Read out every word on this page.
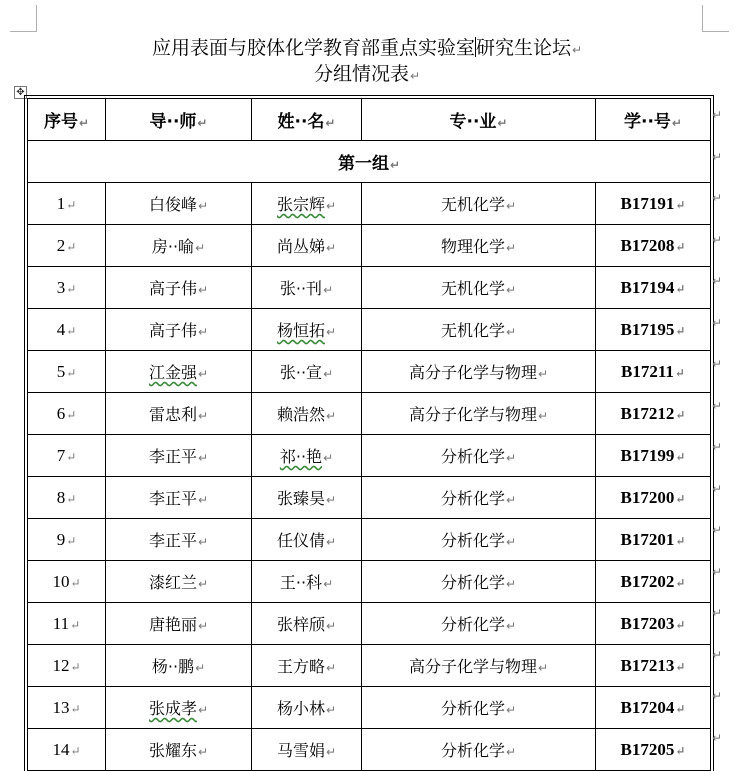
应用表面与胶体化学教育部重点实验室研究生论坛↵
分组情况表↵
✥
序号↵	导··师↵	姓··名↵	专··业↵	学··号↵
第一组↵				
1↵	白俊峰↵	张宗辉↵	无机化学↵	B17191↵
2↵	房··喻↵	尚丛娣↵	物理化学↵	B17208↵
3↵	高子伟↵	张··刊↵	无机化学↵	B17194↵
4↵	高子伟↵	杨恒拓↵	无机化学↵	B17195↵
5↵	江金强↵	张··宣↵	高分子化学与物理↵	B17211↵
6↵	雷忠利↵	赖浩然↵	高分子化学与物理↵	B17212↵
7↵	李正平↵	祁··艳↵	分析化学↵	B17199↵
8↵	李正平↵	张臻昊↵	分析化学↵	B17200↵
9↵	李正平↵	任仪倩↵	分析化学↵	B17201↵
10↵	漆红兰↵	王··科↵	分析化学↵	B17202↵
11↵	唐艳丽↵	张梓颀↵	分析化学↵	B17203↵
12↵	杨··鹏↵	王方略↵	高分子化学与物理↵	B17213↵
13↵	张成孝↵	杨小林↵	分析化学↵	B17204↵
14↵	张耀东↵	马雪娟↵	分析化学↵	B17205↵
↵
↵
↵
↵
↵
↵
↵
↵
↵
↵
↵
↵
↵
↵
↵
↵
